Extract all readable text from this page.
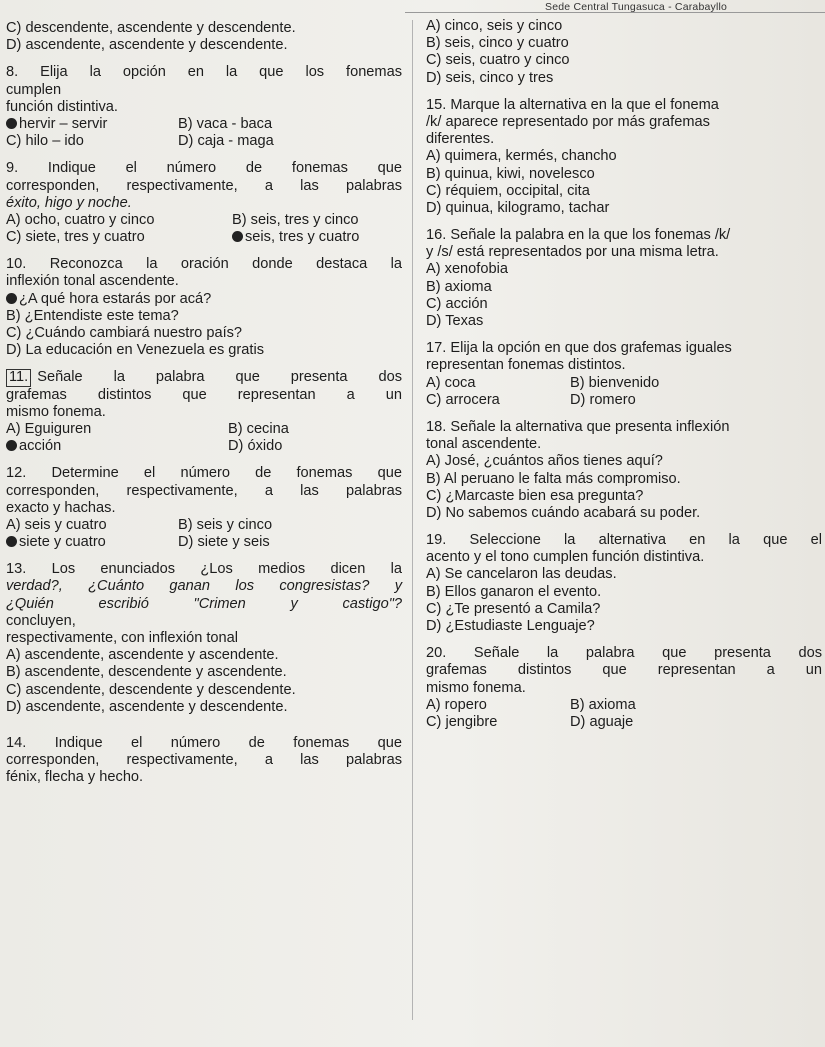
Sede Central Tungasuca - Carabayllo
C) descendente, ascendente y descendente.
D) ascendente, ascendente y descendente.
8. Elija la opción en la que los fonemas
cumplen
función distintiva.
hervir – servir	B) vaca - baca
C) hilo – ido	D) caja - maga
9. Indique el número de fonemas que
corresponden, respectivamente, a las palabras
éxito, higo y noche.
A) ocho, cuatro y cinco	B) seis, tres y cinco
C) siete, tres y cuatro	seis, tres y cuatro
10. Reconozca la oración donde destaca la
inflexión tonal ascendente.
¿A qué hora estarás por acá?
B) ¿Entendiste este tema?
C) ¿Cuándo cambiará nuestro país?
D) La educación en Venezuela es gratis
11. Señale la palabra que presenta dos
grafemas distintos que representan a un
mismo fonema.
A) Eguiguren	B) cecina
acción	D) óxido
12. Determine el número de fonemas que
corresponden, respectivamente, a las palabras
exacto y hachas.
A) seis y cuatro	B) seis y cinco
siete y cuatro	D) siete y seis
13. Los enunciados ¿Los medios dicen la
verdad?, ¿Cuánto ganan los congresistas? y
¿Quién escribió "Crimen y castigo"?
concluyen,
respectivamente, con inflexión tonal
A) ascendente, ascendente y ascendente.
B) ascendente, descendente y ascendente.
C) ascendente, descendente y descendente.
D) ascendente, ascendente y descendente.
14. Indique el número de fonemas que
corresponden, respectivamente, a las palabras
fénix, flecha y hecho.
A) cinco, seis y cinco
B) seis, cinco y cuatro
C) seis, cuatro y cinco
D) seis, cinco y tres
15. Marque la alternativa en la que el fonema
/k/ aparece representado por más grafemas
diferentes.
A) quimera, kermés, chancho
B) quinua, kiwi, novelesco
C) réquiem, occipital, cita
D) quinua, kilogramo, tachar
16. Señale la palabra en la que los fonemas /k/
y /s/ está representados por una misma letra.
A) xenofobia
B) axioma
C) acción
D) Texas
17. Elija la opción en que dos grafemas iguales
representan fonemas distintos.
A) coca	B) bienvenido
C) arrocera	D) romero
18. Señale la alternativa que presenta inflexión
tonal ascendente.
A) José, ¿cuántos años tienes aquí?
B) Al peruano le falta más compromiso.
C) ¿Marcaste bien esa pregunta?
D) No sabemos cuándo acabará su poder.
19. Seleccione la alternativa en la que el
acento y el tono cumplen función distintiva.
A) Se cancelaron las deudas.
B) Ellos ganaron el evento.
C) ¿Te presentó a Camila?
D) ¿Estudiaste Lenguaje?
20. Señale la palabra que presenta dos
grafemas distintos que representan a un
mismo fonema.
A) ropero	B) axioma
C) jengibre	D) aguaje
